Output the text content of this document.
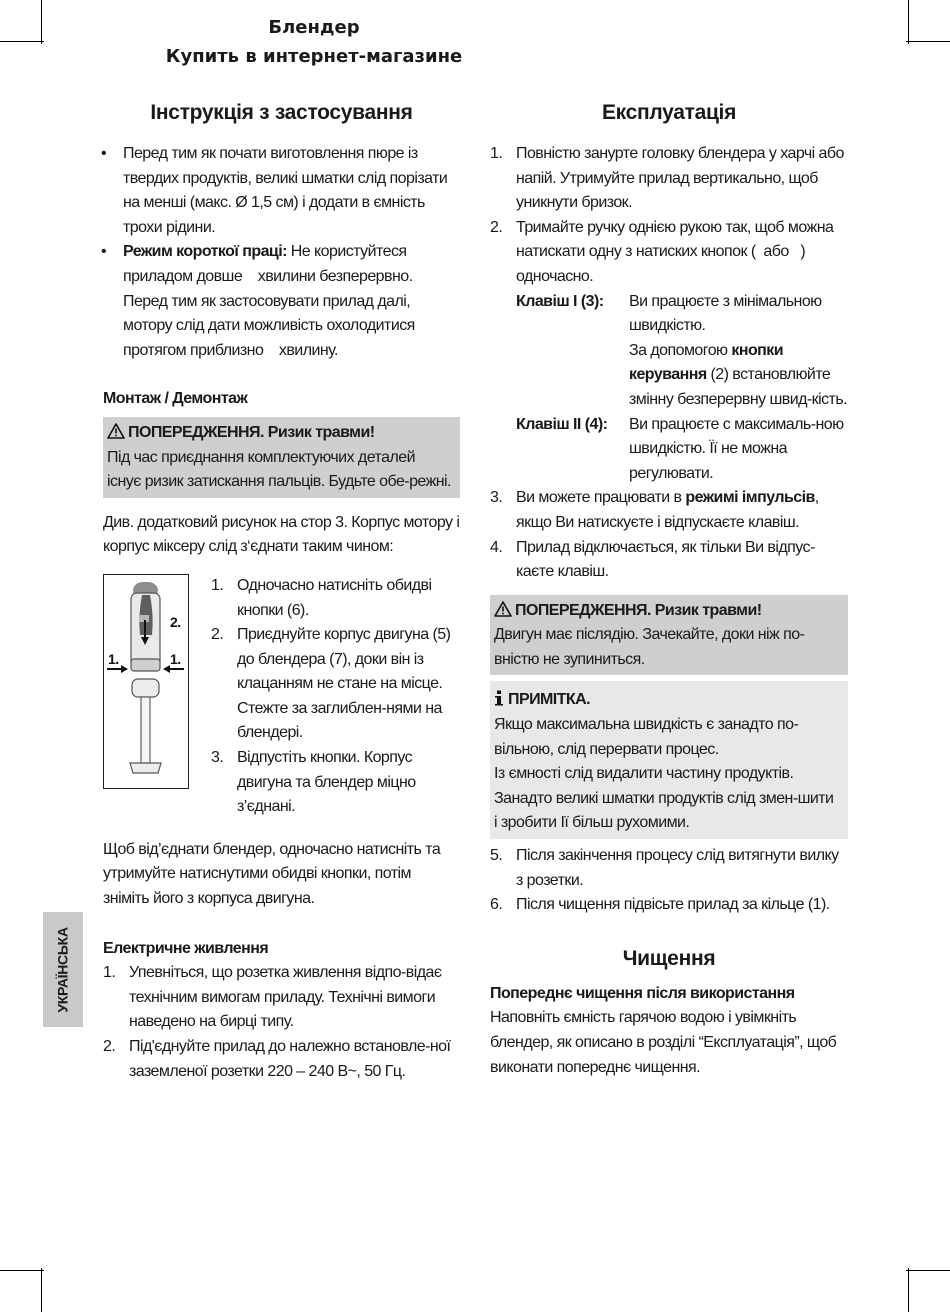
Блендер
Купить в интернет-магазине
УКРАЇНСЬКА
Інструкція з застосування
• Перед тим як почати виготовлення пюре із твердих продуктів, великі шматки слід порізати на менші (макс. Ø 1,5 см) і додати в ємність трохи рідини.
• Режим короткої праці: Не користуйтеся приладом довше    хвилини безперервно. Перед тим як застосовувати прилад далі, мотору слід дати можливість охолодитися протягом приблизно    хвилину.
Монтаж / Демонтаж
ПОПЕРЕДЖЕННЯ. Ризик травми!

Під час приєднання комплектуючих деталей існує ризик затискання пальців. Будьте обе-режні.

Див. додатковий рисунок на стор 3. Корпус мотору і корпус міксеру слід з‘єднати таким чином:

1.	1.
2.
1. Одночасно натисніть обидві кнопки (6).
2. Приєднуйте корпус двигуна (5) до блендера (7), доки він із клацанням не стане на місце. Стежте за заглиблен-нями на блендері.
3. Відпустіть кнопки. Корпус двигуна та блендер міцно з’єднані.

Щоб від’єднати блендер, одночасно натисніть та утримуйте натиснутими обидві кнопки, потім зніміть його з корпуса двигуна.

Електричне живлення
1. Упевніться, що розетка живлення відпо-відає технічним вимогам приладу. Технічні вимоги наведено на бирці типу.
2. Під'єднуйте прилад до належно встановле-ної заземленої розетки 220 – 240 В~, 50 Гц.
Експлуатація
1. Повністю занурте головку блендера у харчі або напій. Утримуйте прилад вертикально, щоб уникнути бризок.
2. Тримайте ручку однією рукою так, щоб можна натискати одну з натиских кнопок (  або   ) одночасно.
Клавіш I (3):	Ви працюєте з мінімальною швидкістю.
За допомогою кнопки керування (2) встановлюйте змінну безперервну швид-кість.
Клавіш II (4):	Ви працюєте с максималь-ною швидкістю. Її не можна регулювати.
3. Ви можете працювати в режимі імпульсів, якщо Ви натискуєте і відпускаєте клавіш.
4. Прилад відключається, як тільки Ви відпус-каєте клавіш.
ПОПЕРЕДЖЕННЯ. Ризик травми!

Двигун має післядію. Зачекайте, доки ніж по-вністю не зупиниться.

ПРИМІТКА.

Якщо максимальна швидкість є занадто по-вільною, слід перервати процес.

Із ємності слід видалити частину продуктів.

Занадто великі шматки продуктів слід змен-шити і зробити Ії більш рухомими.

5. Після закінчення процесу слід витягнути вилку з розетки.
6. Після чищення підвісьте прилад за кільце (1).
Чищення
Попереднє чищення після використання

Наповніть ємність гарячою водою і увімкніть блендер, як описано в розділі “Експлуатація”, щоб виконати попереднє чищення.
